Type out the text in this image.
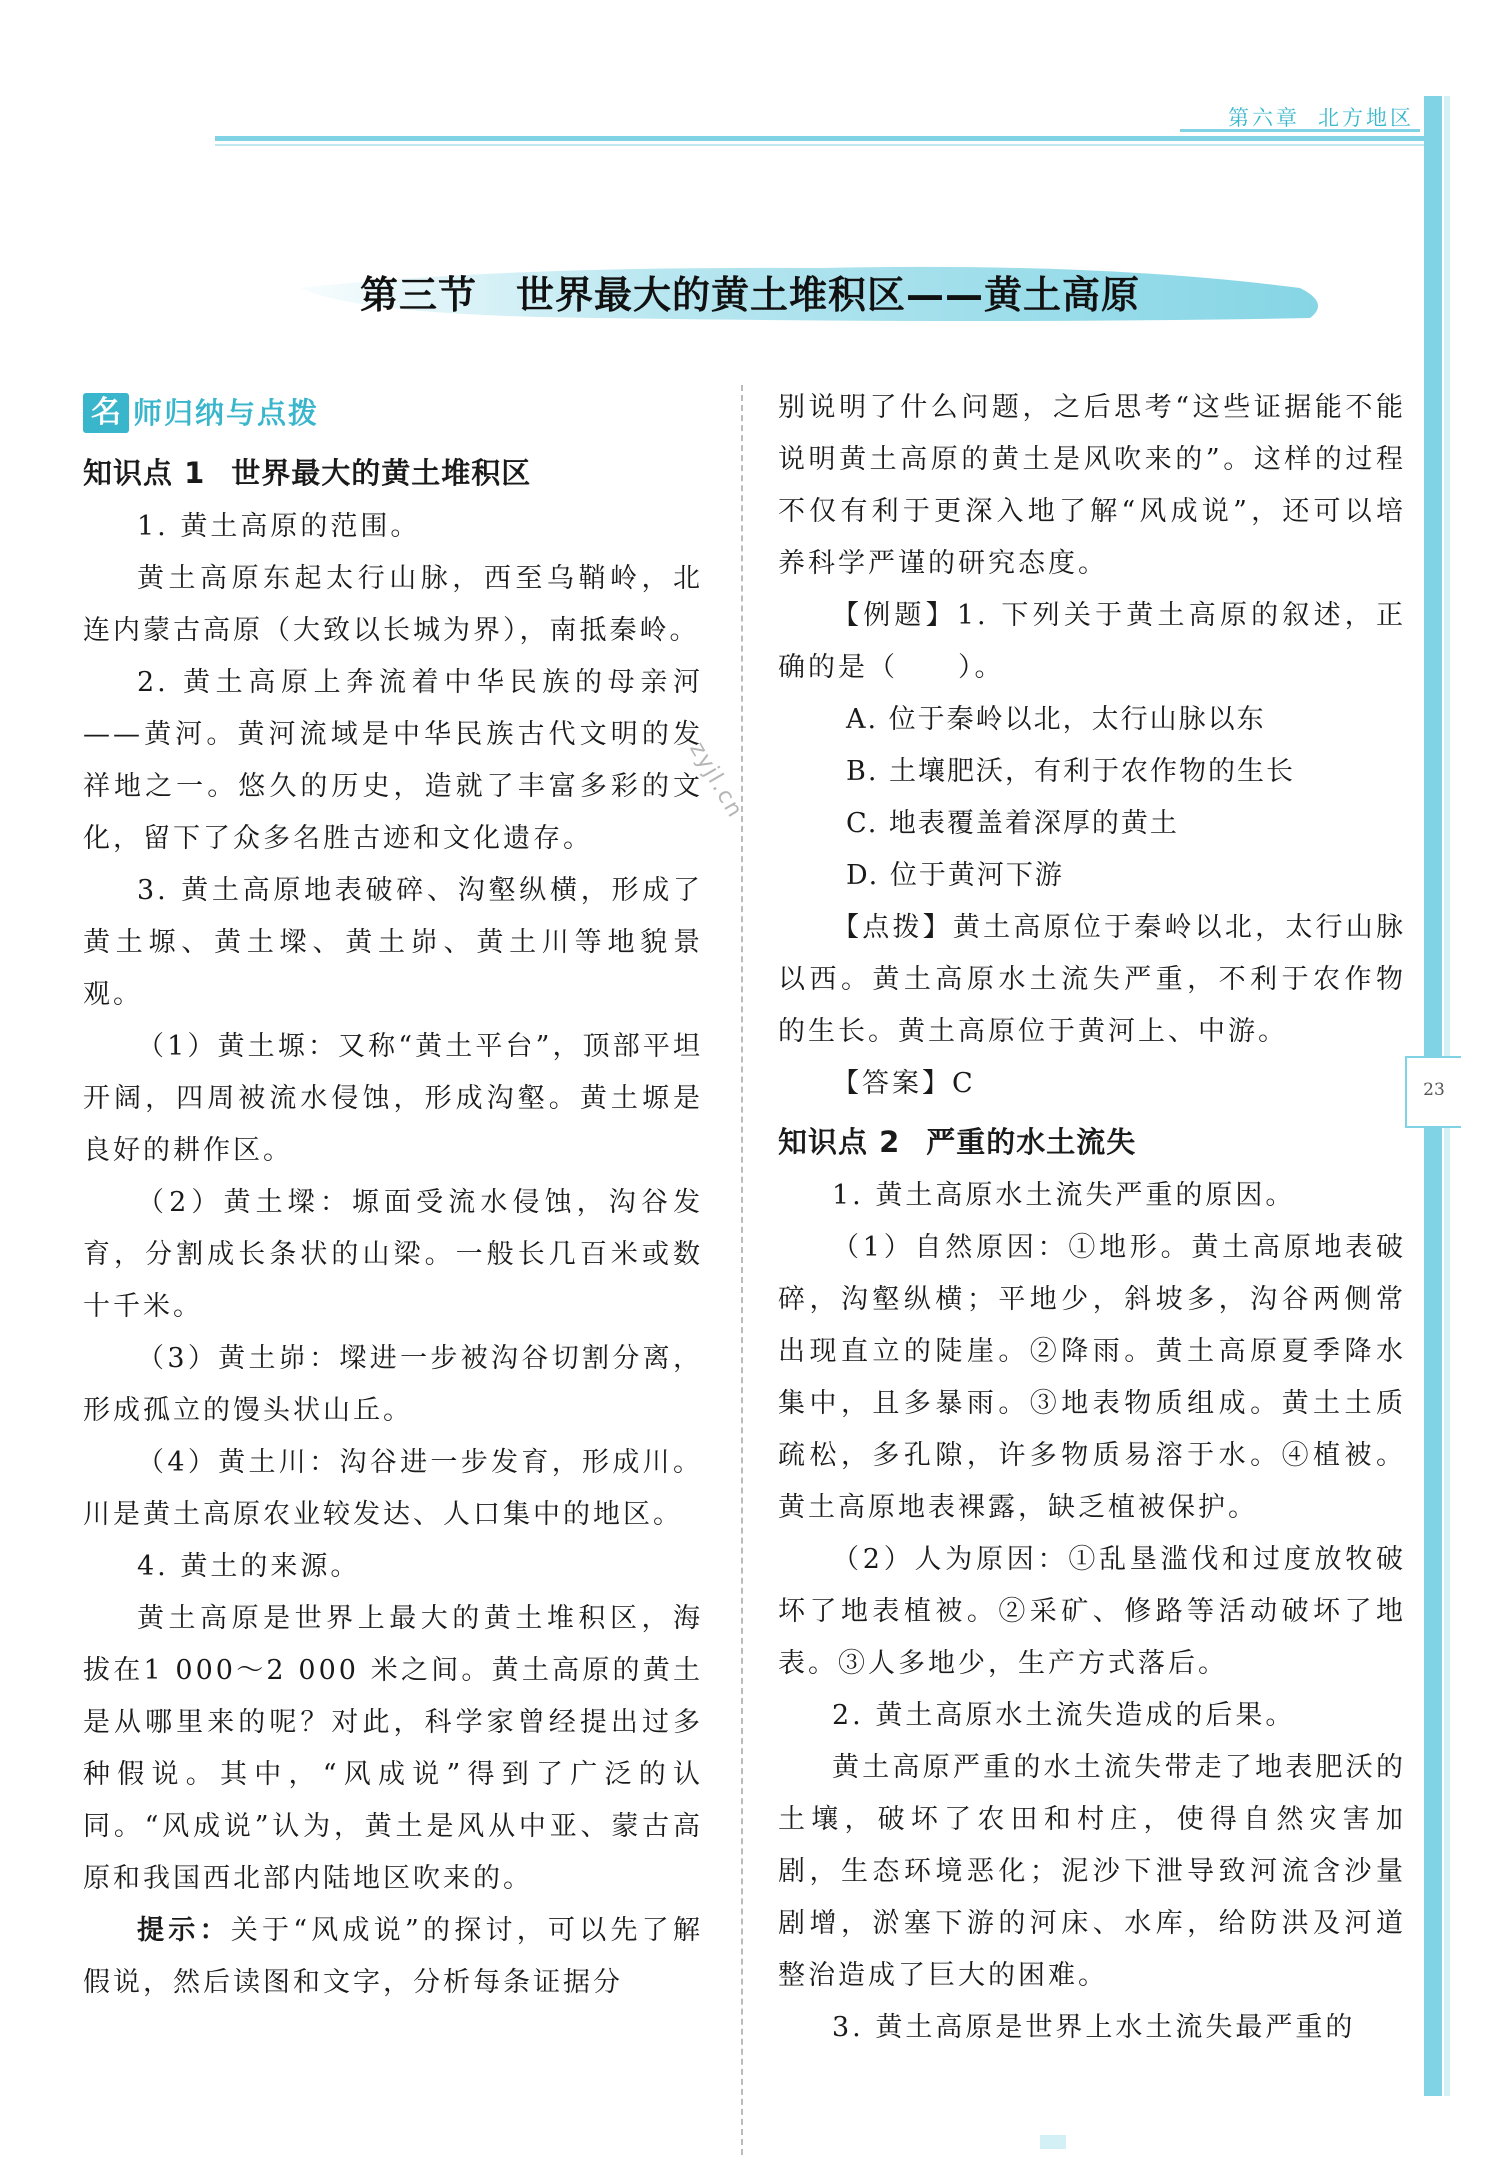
第六章 北方地区
23
第三节　世界最大的黄土堆积区——黄土高原
zyjl.cn
名 师归纳与点拨
知识点 1 世界最大的黄土堆积区

1. 黄土高原的范围。

黄土高原东起太行山脉，西至乌鞘岭，北连内蒙古高原（大致以长城为界），南抵秦岭。

2. 黄土高原上奔流着中华民族的母亲河——黄河。黄河流域是中华民族古代文明的发祥地之一。悠久的历史，造就了丰富多彩的文化，留下了众多名胜古迹和文化遗存。

3. 黄土高原地表破碎、沟壑纵横，形成了黄土塬、黄土墚、黄土峁、黄土川等地貌景观。

（1）黄土塬：又称“黄土平台”，顶部平坦开阔，四周被流水侵蚀，形成沟壑。黄土塬是良好的耕作区。

（2）黄土墚：塬面受流水侵蚀，沟谷发育，分割成长条状的山梁。一般长几百米或数十千米。

（3）黄土峁：墚进一步被沟谷切割分离，形成孤立的馒头状山丘。

（4）黄土川：沟谷进一步发育，形成川。川是黄土高原农业较发达、人口集中的地区。

4. 黄土的来源。

黄土高原是世界上最大的黄土堆积区，海拔在1 000～2 000 米之间。黄土高原的黄土是从哪里来的呢？对此，科学家曾经提出过多种假说。其中，“风成说”得到了广泛的认同。“风成说”认为，黄土是风从中亚、蒙古高原和我国西北部内陆地区吹来的。

提示：关于“风成说”的探讨，可以先了解假说，然后读图和文字，分析每条证据分

别说明了什么问题，之后思考“这些证据能不能说明黄土高原的黄土是风吹来的”。这样的过程不仅有利于更深入地了解“风成说”，还可以培养科学严谨的研究态度。

【例题】1. 下列关于黄土高原的叙述，正确的是（　　）。

A. 位于秦岭以北，太行山脉以东

B. 土壤肥沃，有利于农作物的生长

C. 地表覆盖着深厚的黄土

D. 位于黄河下游

【点拨】黄土高原位于秦岭以北，太行山脉以西。黄土高原水土流失严重，不利于农作物的生长。黄土高原位于黄河上、中游。

【答案】C

知识点 2 严重的水土流失

1. 黄土高原水土流失严重的原因。

（1）自然原因：①地形。黄土高原地表破碎，沟壑纵横；平地少，斜坡多，沟谷两侧常出现直立的陡崖。②降雨。黄土高原夏季降水集中，且多暴雨。③地表物质组成。黄土土质疏松，多孔隙，许多物质易溶于水。④植被。黄土高原地表裸露，缺乏植被保护。

（2）人为原因：①乱垦滥伐和过度放牧破坏了地表植被。②采矿、修路等活动破坏了地表。③人多地少，生产方式落后。

2. 黄土高原水土流失造成的后果。

黄土高原严重的水土流失带走了地表肥沃的土壤，破坏了农田和村庄，使得自然灾害加剧，生态环境恶化；泥沙下泄导致河流含沙量剧增，淤塞下游的河床、水库，给防洪及河道整治造成了巨大的困难。

3. 黄土高原是世界上水土流失最严重的
